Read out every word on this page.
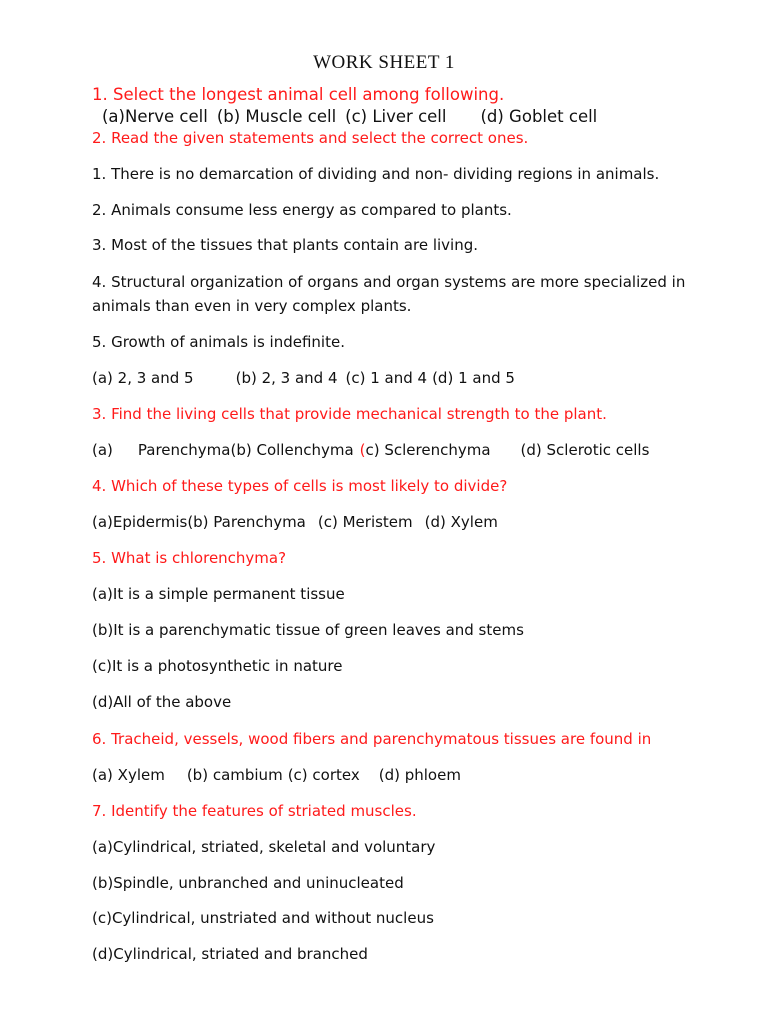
WORK SHEET 1
1. Select the longest animal cell among following.
(a)Nerve cell (b) Muscle cell (c) Liver cell (d) Goblet cell
2. Read the given statements and select the correct ones.
1. There is no demarcation of dividing and non- dividing regions in animals.
2. Animals consume less energy as compared to plants.
3. Most of the tissues that plants contain are living.
4. Structural organization of organs and organ systems are more specialized in
animals than even in very complex plants.
5. Growth of animals is indefinite.
(a) 2, 3 and 5	(b) 2, 3 and 4 (c) 1 and 4 (d) 1 and 5
3. Find the living cells that provide mechanical strength to the plant.
(a) Parenchyma(b) Collenchyma (c) Sclerenchyma (d) Sclerotic cells
4. Which of these types of cells is most likely to divide?
(a)Epidermis(b) Parenchyma (c) Meristem (d) Xylem
5. What is chlorenchyma?
(a)It is a simple permanent tissue
(b)It is a parenchymatic tissue of green leaves and stems
(c)It is a photosynthetic in nature
(d)All of the above
6. Tracheid, vessels, wood fibers and parenchymatous tissues are found in
(a) Xylem (b) cambium (c) cortex (d) phloem
7. Identify the features of striated muscles.
(a)Cylindrical, striated, skeletal and voluntary
(b)Spindle, unbranched and uninucleated
(c)Cylindrical, unstriated and without nucleus
(d)Cylindrical, striated and branched
